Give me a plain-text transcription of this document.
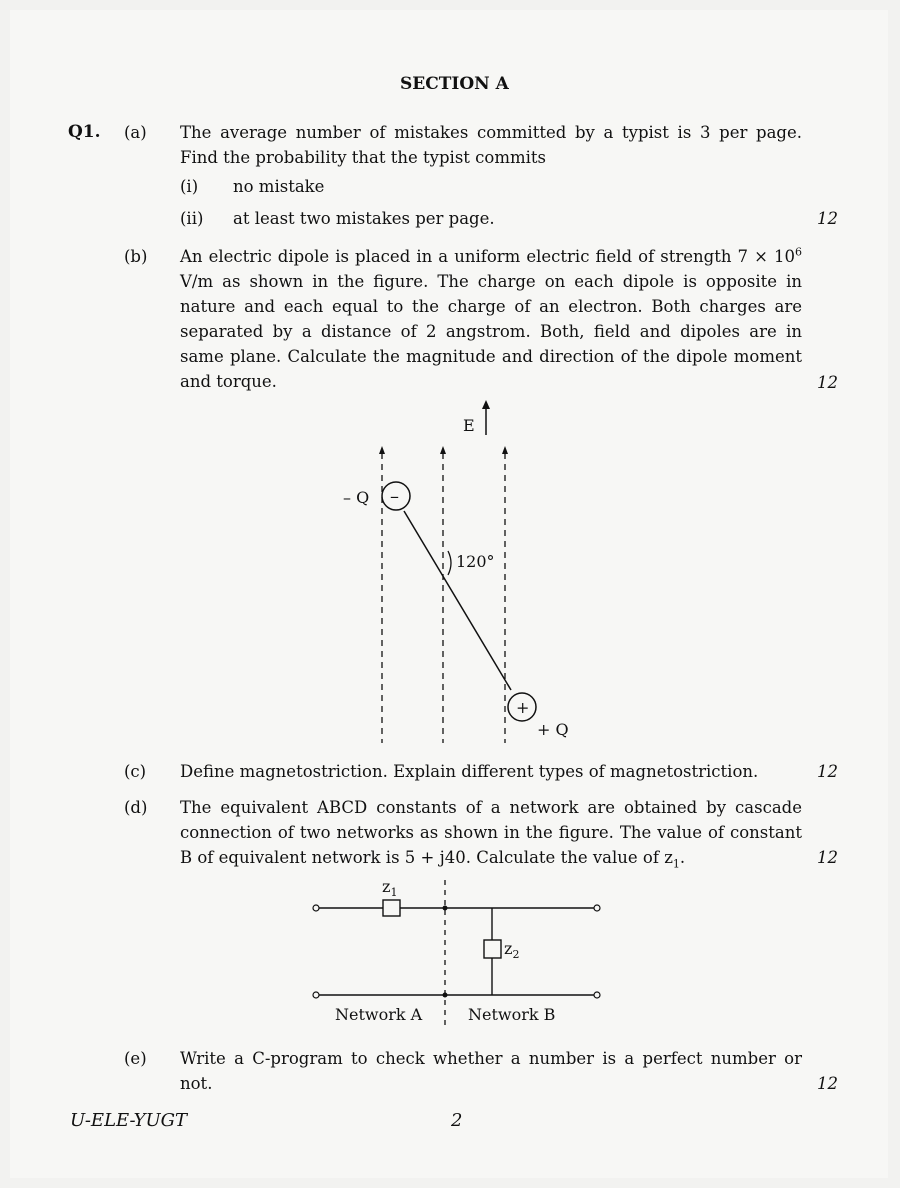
SECTION A
Q1. (a) The average number of mistakes committed by a typist is 3 per page. Find the probability that the typist commits
(i) no mistake
(ii) at least two mistakes per page.	12
(b) An electric dipole is placed in a uniform electric field of strength $7 \times 10^6$ V/m as shown in the figure. The charge on each dipole is opposite in nature and each equal to the charge of an electron. Both charges are separated by a distance of 2 angstrom. Both, field and dipoles are in same plane. Calculate the magnitude and direction of the dipole moment and torque.	12
E
–
– Q
+
+ Q
120°
(c) Define magnetostriction. Explain different types of magnetostriction.	12
(d) The equivalent ABCD constants of a network are obtained by cascade connection of two networks as shown in the figure. The value of constant B of equivalent network is 5 + j40. Calculate the value of $z_1$.	12
$z_1$
$z_2$
Network A	Network B
(e) Write a C-program to check whether a number is a perfect number or not.	12
U-ELE-YUGT	2
